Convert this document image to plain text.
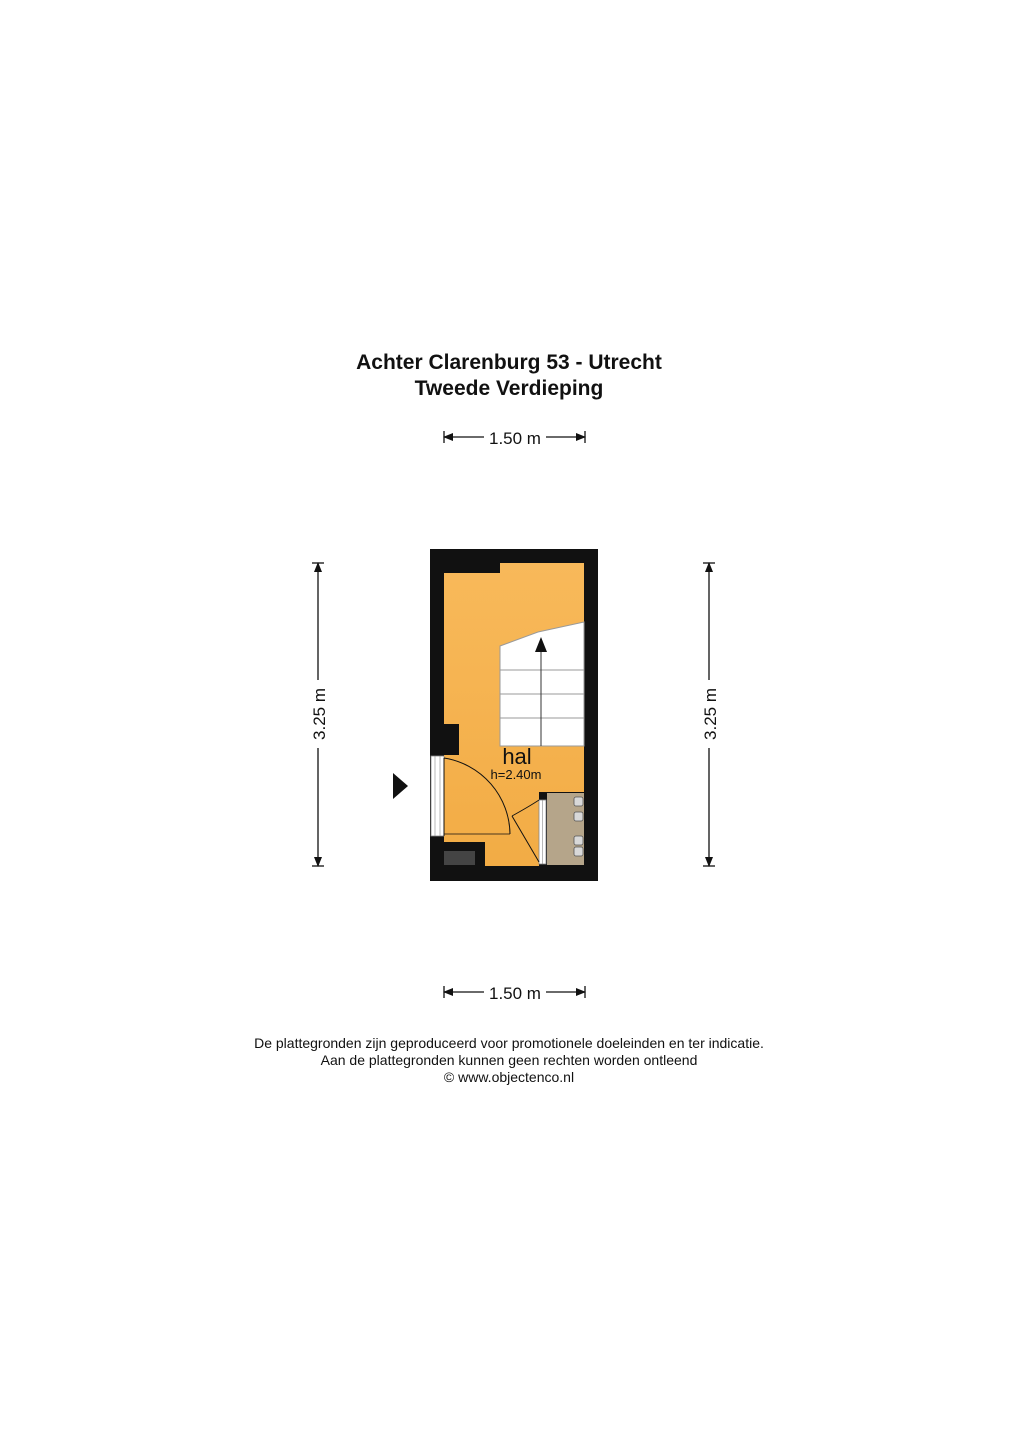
Achter Clarenburg 53 - Utrecht
Tweede Verdieping
1.50 m
1.50 m
3.25 m	3.25 m
hal
h=2.40m

De plattegronden zijn geproduceerd voor promotionele doeleinden en ter indicatie.

Aan de plattegronden kunnen geen rechten worden ontleend

© www.objectenco.nl
